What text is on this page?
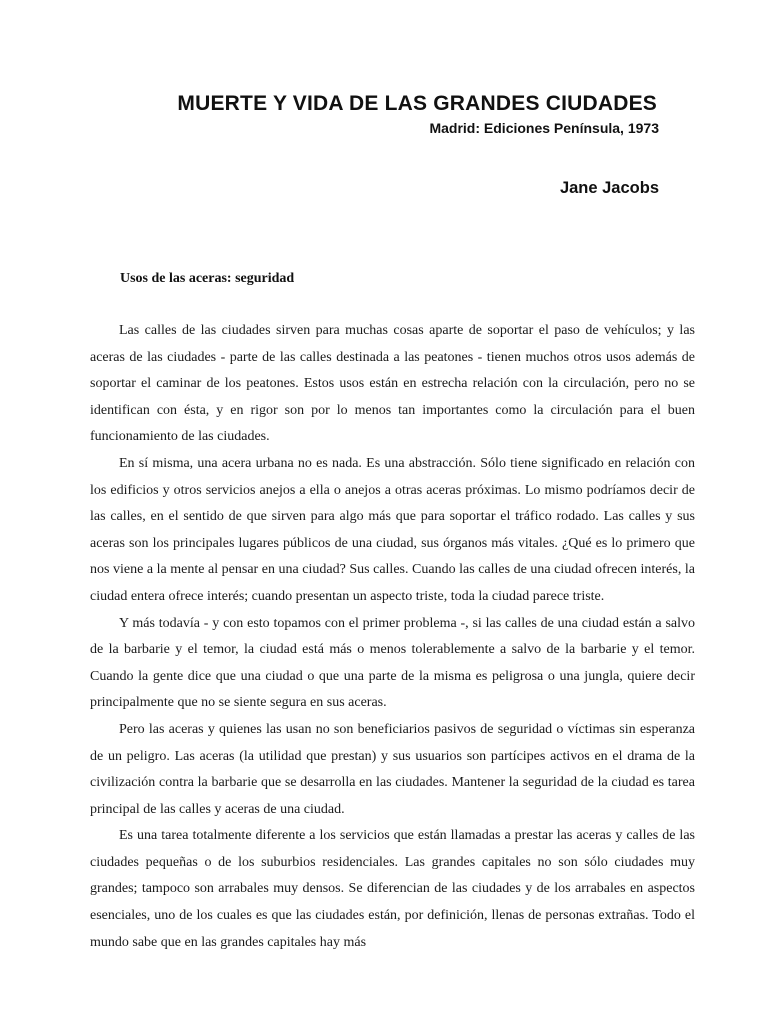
MUERTE Y VIDA DE LAS GRANDES CIUDADES
Madrid: Ediciones Península, 1973
Jane Jacobs
Usos de las aceras: seguridad

Las calles de las ciudades sirven para muchas cosas aparte de soportar el paso de vehículos; y las aceras de las ciudades - parte de las calles destinada a las peatones - tienen muchos otros usos además de soportar el caminar de los peatones. Estos usos están en estrecha relación con la circulación, pero no se identifican con ésta, y en rigor son por lo menos tan importantes como la circulación para el buen funcionamiento de las ciudades.

En sí misma, una acera urbana no es nada. Es una abstracción. Sólo tiene significado en relación con los edificios y otros servicios anejos a ella o anejos a otras aceras próximas. Lo mismo podríamos decir de las calles, en el sentido de que sirven para algo más que para soportar el tráfico rodado. Las calles y sus aceras son los principales lugares públicos de una ciudad, sus órganos más vitales. ¿Qué es lo primero que nos viene a la mente al pensar en una ciudad? Sus calles. Cuando las calles de una ciudad ofrecen interés, la ciudad entera ofrece interés; cuando presentan un aspecto triste, toda la ciudad parece triste.

Y más todavía - y con esto topamos con el primer problema -, si las calles de una ciudad están a salvo de la barbarie y el temor, la ciudad está más o menos tolerablemente a salvo de la barbarie y el temor. Cuando la gente dice que una ciudad o que una parte de la misma es peligrosa o una jungla, quiere decir principalmente que no se siente segura en sus aceras.

Pero las aceras y quienes las usan no son beneficiarios pasivos de seguridad o víctimas sin esperanza de un peligro. Las aceras (la utilidad que prestan) y sus usuarios son partícipes activos en el drama de la civilización contra la barbarie que se desarrolla en las ciudades. Mantener la seguridad de la ciudad es tarea principal de las calles y aceras de una ciudad.

Es una tarea totalmente diferente a los servicios que están llamadas a prestar las aceras y calles de las ciudades pequeñas o de los suburbios residenciales. Las grandes capitales no son sólo ciudades muy grandes; tampoco son arrabales muy densos. Se diferencian de las ciudades y de los arrabales en aspectos esenciales, uno de los cuales es que las ciudades están, por definición, llenas de personas extrañas. Todo el mundo sabe que en las grandes capitales hay más
